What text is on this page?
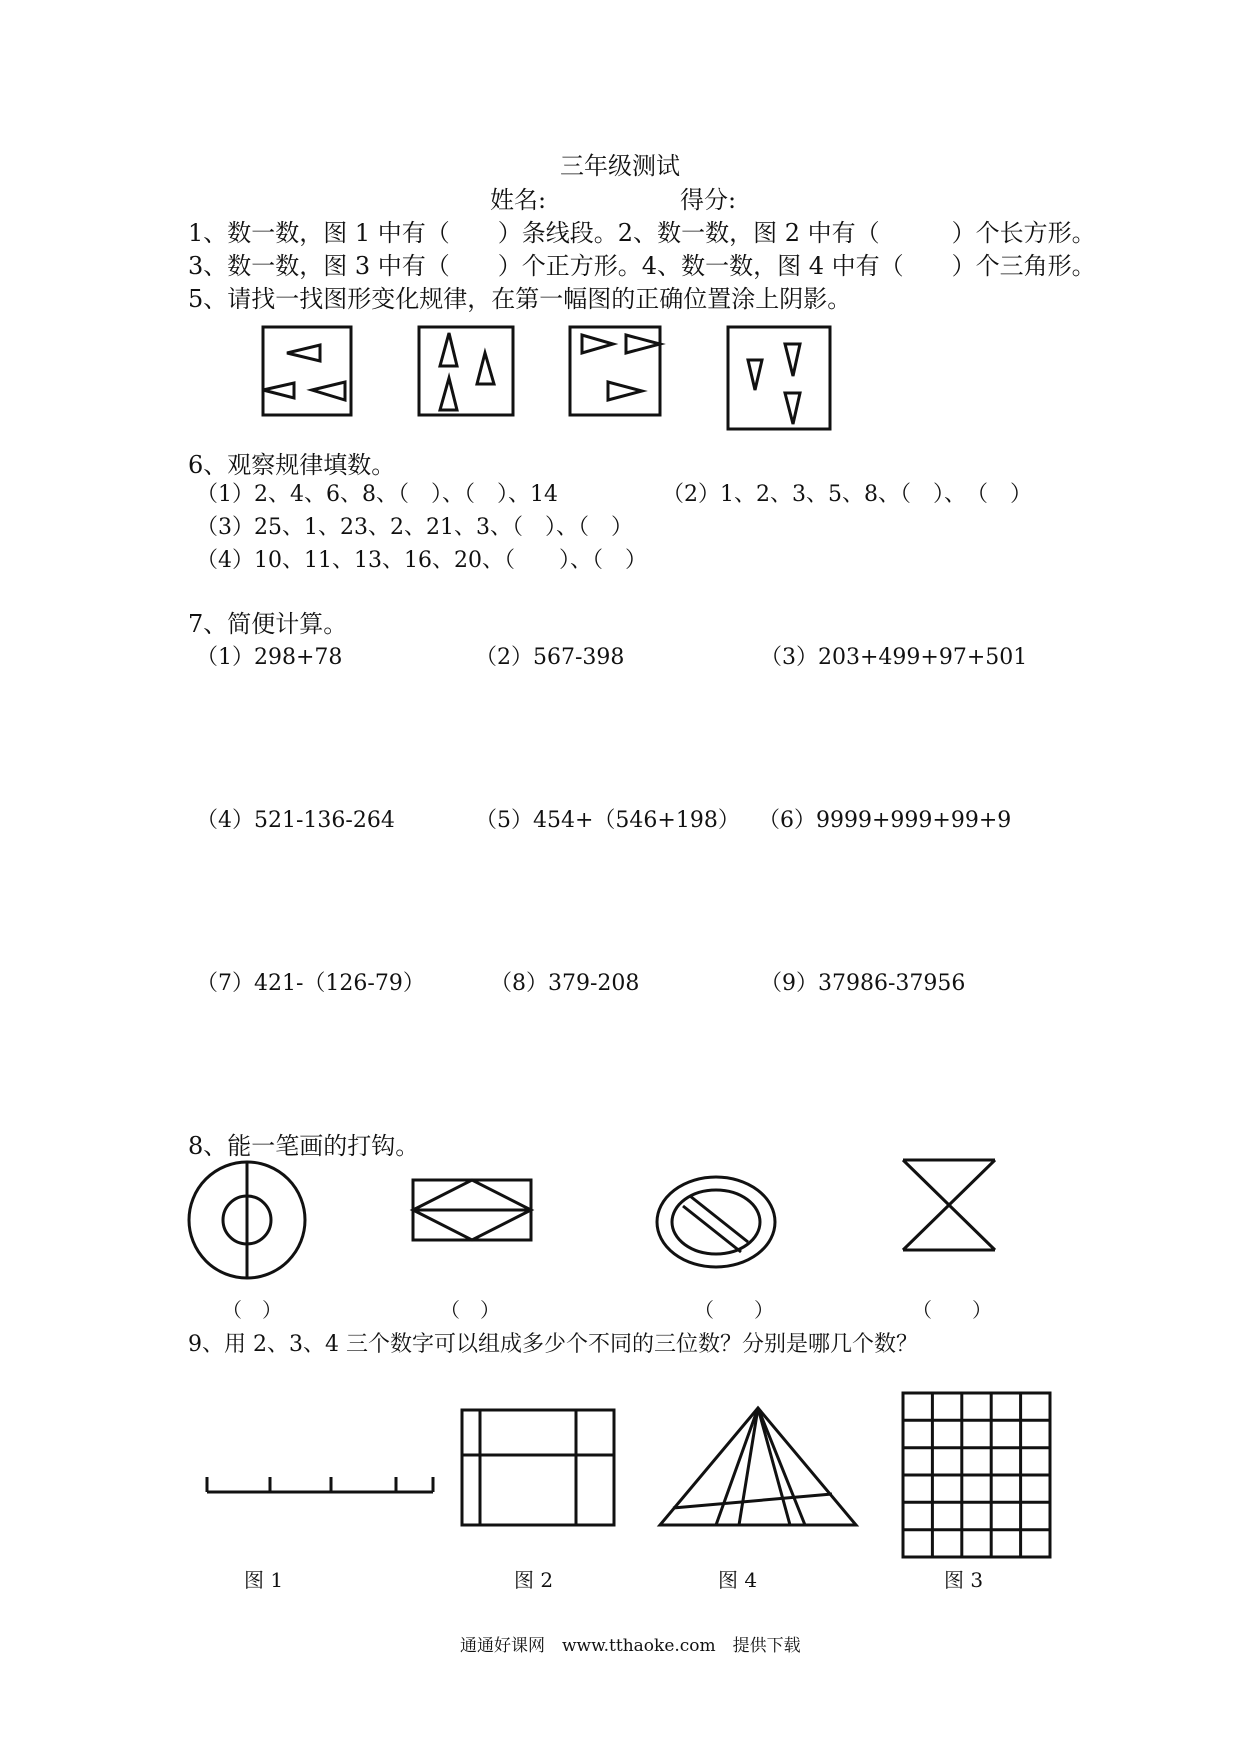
三年级测试
姓名:	得分:
1、数一数，图 1 中有（　　）条线段。2、数一数，图 2 中有（　　　）个长方形。
3、数一数，图 3 中有（　　）个正方形。4、数一数，图 4 中有（　　）个三角形。
5、请找一找图形变化规律，在第一幅图的正确位置涂上阴影。
6、观察规律填数。
（1）2、4、6、8、（　）、（　）、14	（2）1、2、3、5、8、（　）、　（　）
（3）25、1、23、2、21、3、（　）、（　）
（4）10、11、13、16、20、（　　）、（　）
7、简便计算。
（1）298+78	（2）567-398	（3）203+499+97+501
（4）521-136-264	（5）454+（546+198） （6）9999+999+99+9
（7）421-（126-79）	（8）379-208	（9）37986-37956
8、能一笔画的打钩。
（　）	（　）	（　　）	（　　）
9、用 2、3、4 三个数字可以组成多少个不同的三位数？分别是哪几个数？
图 1	图 2	图 4	图 3
通通好课网　www.tthaoke.com　提供下载
